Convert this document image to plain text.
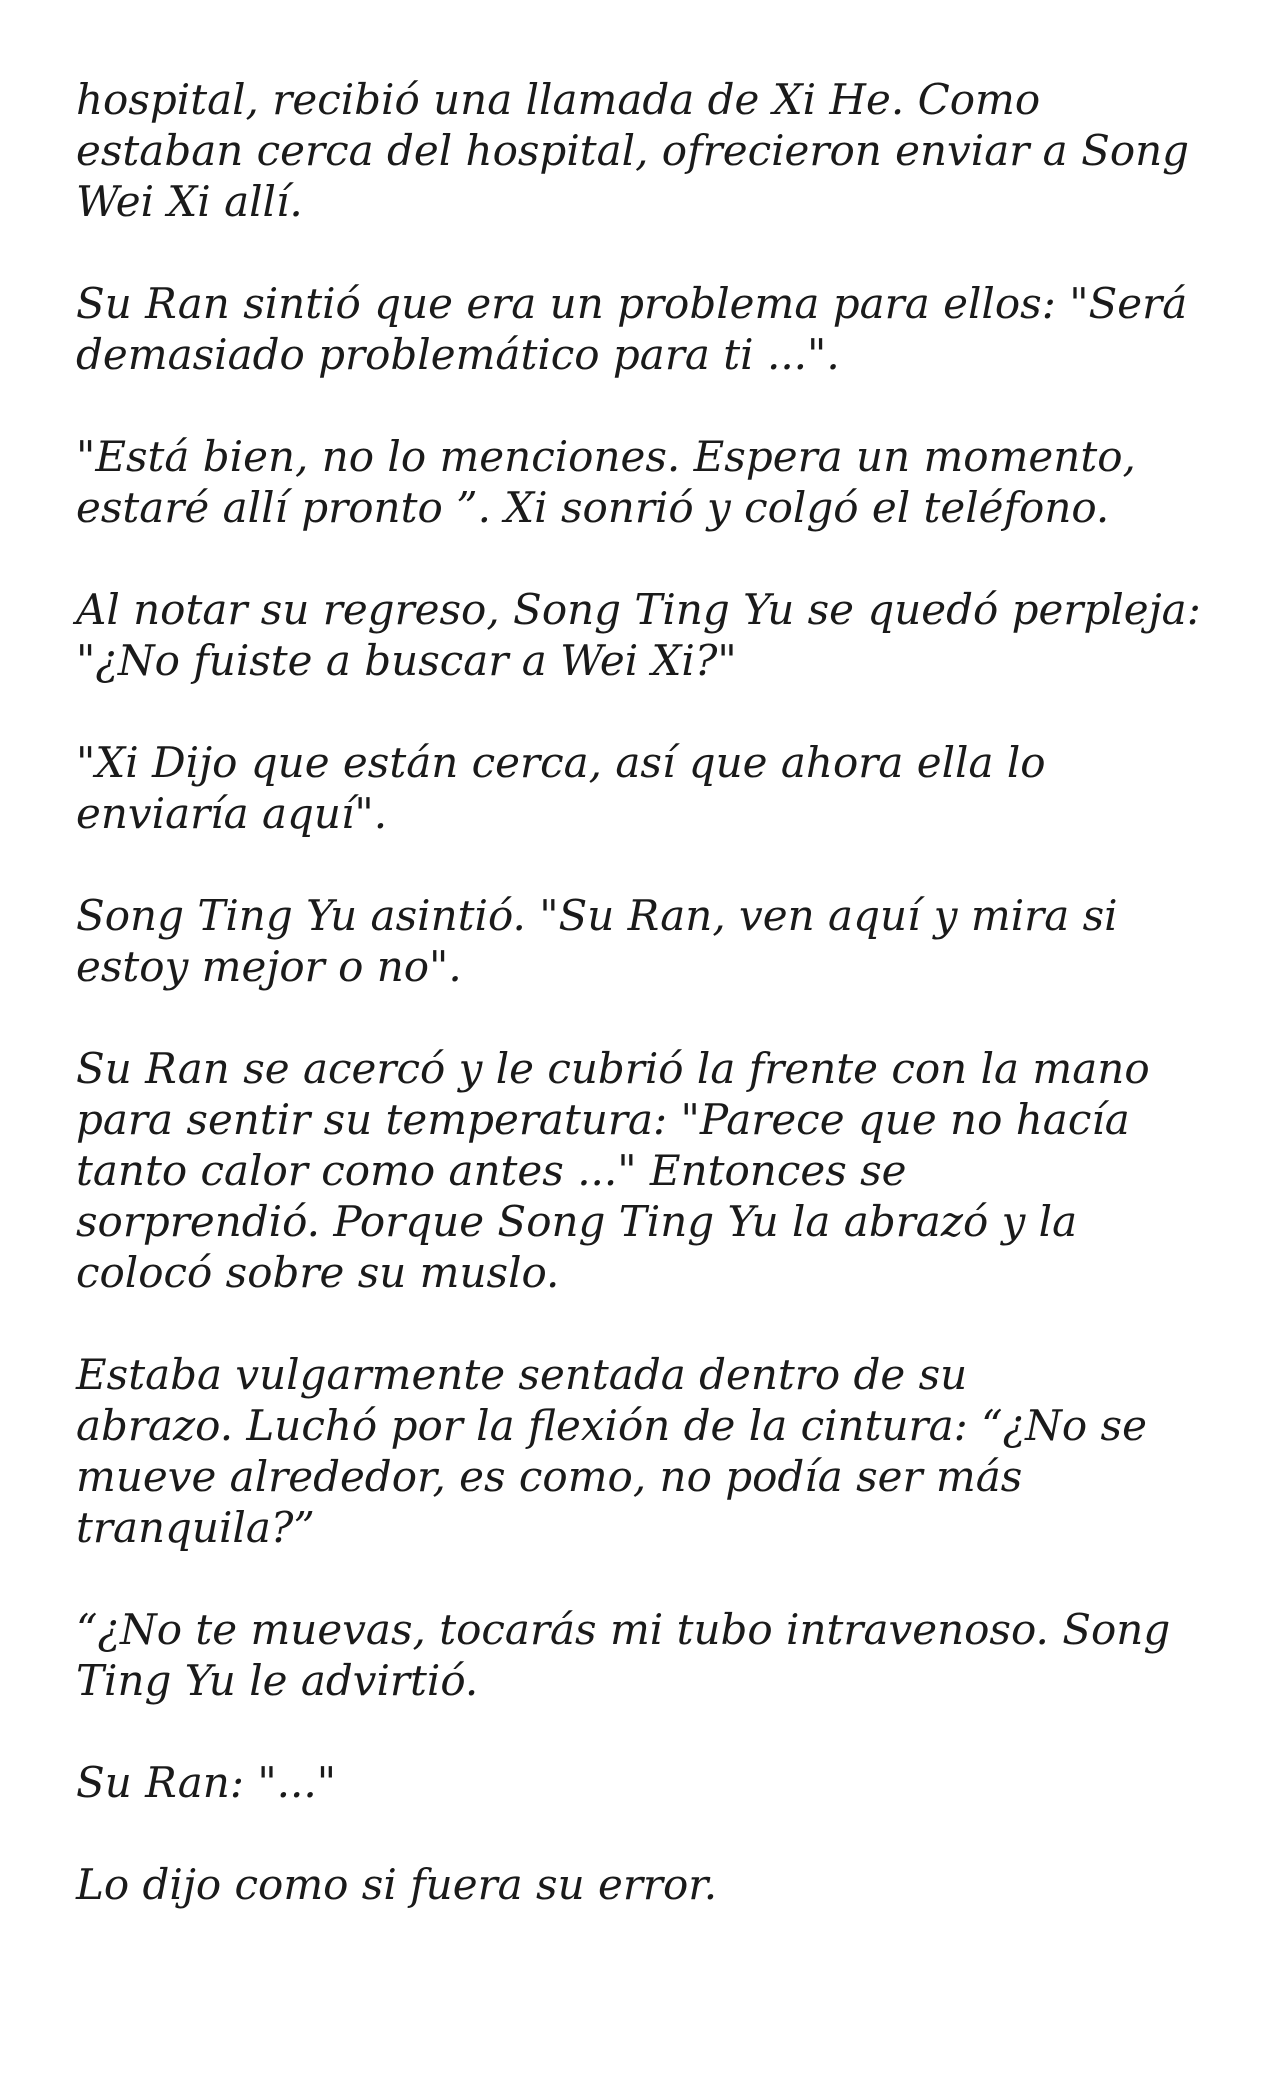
hospital, recibió una llamada de Xi He. Como
estaban cerca del hospital, ofrecieron enviar a Song
Wei Xi allí.

Su Ran sintió que era un problema para ellos: "Será
demasiado problemático para ti ...".

"Está bien, no lo menciones. Espera un momento,
estaré allí pronto ”. Xi sonrió y colgó el teléfono.

Al notar su regreso, Song Ting Yu se quedó perpleja:
"¿No fuiste a buscar a Wei Xi?"

"Xi Dijo que están cerca, así que ahora ella lo
enviaría aquí".

Song Ting Yu asintió. "Su Ran, ven aquí y mira si
estoy mejor o no".

Su Ran se acercó y le cubrió la frente con la mano
para sentir su temperatura: "Parece que no hacía
tanto calor como antes ..." Entonces se
sorprendió. Porque Song Ting Yu la abrazó y la
colocó sobre su muslo.

Estaba vulgarmente sentada dentro de su
abrazo. Luchó por la flexión de la cintura: “¿No se
mueve alrededor, es como, no podía ser más
tranquila?”

“¿No te muevas, tocarás mi tubo intravenoso. Song
Ting Yu le advirtió.

Su Ran: "..."

Lo dijo como si fuera su error.
